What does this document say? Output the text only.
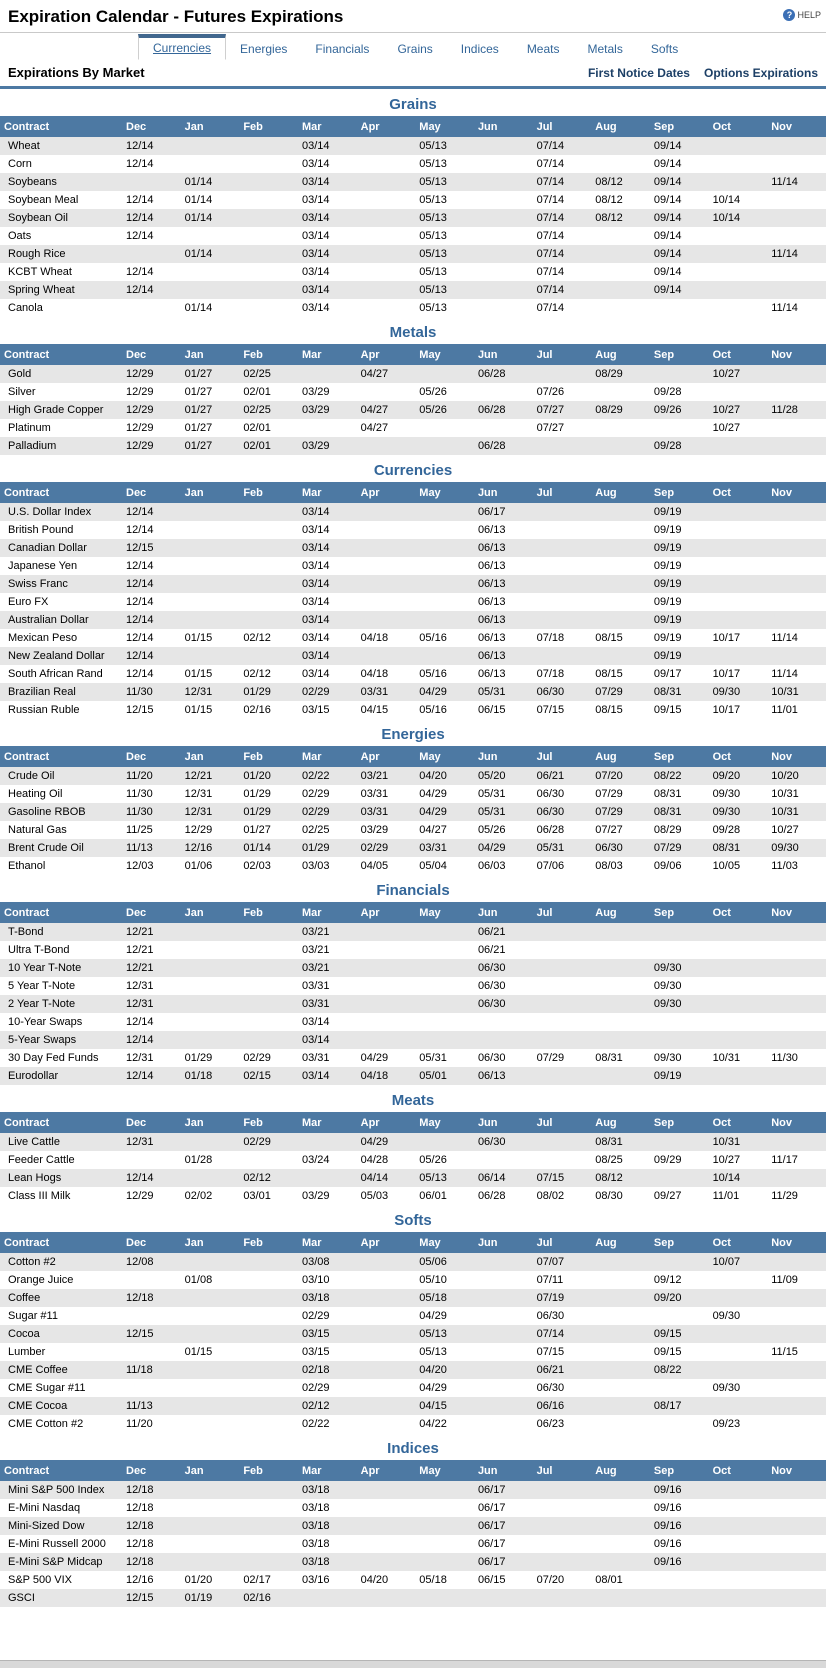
Expiration Calendar - Futures Expirations	? HELP
Currencies	Energies	Financials	Grains	Indices	Meats	Metals	Softs
Expirations By Market	First Notice Dates Options Expirations
Grains
Contract	Dec	Jan	Feb	Mar	Apr	May	Jun	Jul	Aug	Sep	Oct	Nov
Wheat	12/14			03/14		05/13		07/14		09/14		
Corn	12/14			03/14		05/13		07/14		09/14		
Soybeans		01/14		03/14		05/13		07/14	08/12	09/14		11/14
Soybean Meal	12/14	01/14		03/14		05/13		07/14	08/12	09/14	10/14	
Soybean Oil	12/14	01/14		03/14		05/13		07/14	08/12	09/14	10/14	
Oats	12/14			03/14		05/13		07/14		09/14		
Rough Rice		01/14		03/14		05/13		07/14		09/14		11/14
KCBT Wheat	12/14			03/14		05/13		07/14		09/14		
Spring Wheat	12/14			03/14		05/13		07/14		09/14		
Canola		01/14		03/14		05/13		07/14				11/14
Metals
Contract	Dec	Jan	Feb	Mar	Apr	May	Jun	Jul	Aug	Sep	Oct	Nov
Gold	12/29	01/27	02/25		04/27		06/28		08/29		10/27	
Silver	12/29	01/27	02/01	03/29		05/26		07/26		09/28		
High Grade Copper	12/29	01/27	02/25	03/29	04/27	05/26	06/28	07/27	08/29	09/26	10/27	11/28
Platinum	12/29	01/27	02/01		04/27			07/27			10/27	
Palladium	12/29	01/27	02/01	03/29			06/28			09/28		
Currencies
Contract	Dec	Jan	Feb	Mar	Apr	May	Jun	Jul	Aug	Sep	Oct	Nov
U.S. Dollar Index	12/14			03/14			06/17			09/19		
British Pound	12/14			03/14			06/13			09/19		
Canadian Dollar	12/15			03/14			06/13			09/19		
Japanese Yen	12/14			03/14			06/13			09/19		
Swiss Franc	12/14			03/14			06/13			09/19		
Euro FX	12/14			03/14			06/13			09/19		
Australian Dollar	12/14			03/14			06/13			09/19		
Mexican Peso	12/14	01/15	02/12	03/14	04/18	05/16	06/13	07/18	08/15	09/19	10/17	11/14
New Zealand Dollar	12/14			03/14			06/13			09/19		
South African Rand	12/14	01/15	02/12	03/14	04/18	05/16	06/13	07/18	08/15	09/17	10/17	11/14
Brazilian Real	11/30	12/31	01/29	02/29	03/31	04/29	05/31	06/30	07/29	08/31	09/30	10/31
Russian Ruble	12/15	01/15	02/16	03/15	04/15	05/16	06/15	07/15	08/15	09/15	10/17	11/01
Energies
Contract	Dec	Jan	Feb	Mar	Apr	May	Jun	Jul	Aug	Sep	Oct	Nov
Crude Oil	11/20	12/21	01/20	02/22	03/21	04/20	05/20	06/21	07/20	08/22	09/20	10/20
Heating Oil	11/30	12/31	01/29	02/29	03/31	04/29	05/31	06/30	07/29	08/31	09/30	10/31
Gasoline RBOB	11/30	12/31	01/29	02/29	03/31	04/29	05/31	06/30	07/29	08/31	09/30	10/31
Natural Gas	11/25	12/29	01/27	02/25	03/29	04/27	05/26	06/28	07/27	08/29	09/28	10/27
Brent Crude Oil	11/13	12/16	01/14	01/29	02/29	03/31	04/29	05/31	06/30	07/29	08/31	09/30
Ethanol	12/03	01/06	02/03	03/03	04/05	05/04	06/03	07/06	08/03	09/06	10/05	11/03
Financials
Contract	Dec	Jan	Feb	Mar	Apr	May	Jun	Jul	Aug	Sep	Oct	Nov
T-Bond	12/21			03/21			06/21					
Ultra T-Bond	12/21			03/21			06/21					
10 Year T-Note	12/21			03/21			06/30			09/30		
5 Year T-Note	12/31			03/31			06/30			09/30		
2 Year T-Note	12/31			03/31			06/30			09/30		
10-Year Swaps	12/14			03/14								
5-Year Swaps	12/14			03/14								
30 Day Fed Funds	12/31	01/29	02/29	03/31	04/29	05/31	06/30	07/29	08/31	09/30	10/31	11/30
Eurodollar	12/14	01/18	02/15	03/14	04/18	05/01	06/13			09/19		
Meats
Contract	Dec	Jan	Feb	Mar	Apr	May	Jun	Jul	Aug	Sep	Oct	Nov
Live Cattle	12/31		02/29		04/29		06/30		08/31		10/31	
Feeder Cattle		01/28		03/24	04/28	05/26			08/25	09/29	10/27	11/17
Lean Hogs	12/14		02/12		04/14	05/13	06/14	07/15	08/12		10/14	
Class III Milk	12/29	02/02	03/01	03/29	05/03	06/01	06/28	08/02	08/30	09/27	11/01	11/29
Softs
Contract	Dec	Jan	Feb	Mar	Apr	May	Jun	Jul	Aug	Sep	Oct	Nov
Cotton #2	12/08			03/08		05/06		07/07			10/07	
Orange Juice		01/08		03/10		05/10		07/11		09/12		11/09
Coffee	12/18			03/18		05/18		07/19		09/20		
Sugar #11				02/29		04/29		06/30			09/30	
Cocoa	12/15			03/15		05/13		07/14		09/15		
Lumber		01/15		03/15		05/13		07/15		09/15		11/15
CME Coffee	11/18			02/18		04/20		06/21		08/22		
CME Sugar #11				02/29		04/29		06/30			09/30	
CME Cocoa	11/13			02/12		04/15		06/16		08/17		
CME Cotton #2	11/20			02/22		04/22		06/23			09/23	
Indices
Contract	Dec	Jan	Feb	Mar	Apr	May	Jun	Jul	Aug	Sep	Oct	Nov
Mini S&P 500 Index	12/18			03/18			06/17			09/16		
E-Mini Nasdaq	12/18			03/18			06/17			09/16		
Mini-Sized Dow	12/18			03/18			06/17			09/16		
E-Mini Russell 2000	12/18			03/18			06/17			09/16		
E-Mini S&P Midcap	12/18			03/18			06/17			09/16		
S&P 500 VIX	12/16	01/20	02/17	03/16	04/20	05/18	06/15	07/20	08/01			
GSCI	12/15	01/19	02/16									
